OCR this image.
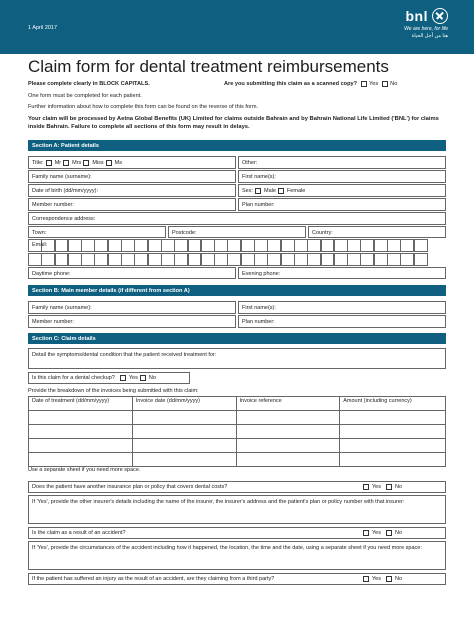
1 April 2017
bnl
We are here, for life
هنا من أجل الحياة
Claim form for dental treatment reimbursements
Please complete clearly in BLOCK CAPITALS.	Are you submitting this claim as a scanned copy? Yes No
One form must be completed for each patient.
Further information about how to complete this form can be found on the reverse of this form.
Your claim will be processed by Aetna Global Benefits (UK) Limited for claims outside Bahrain and by Bahrain National Life Limited ('BNL') for claims inside Bahrain. Failure to complete all sections of this form may result in delays.
Section A: Patient details
Title: Mr Mrs Miss Ms	Other:
Family name (surname):	First name(s):
Date of birth (dd/mm/yyyy):	Sex: Male Female
Member number:	Plan number:
Correspondence address:
Town:	Postcode:	Country:
Email:
Daytime phone:	Evening phone:
Section B: Main member details (if different from section A)
Family name (surname):	First name(s):
Member number:	Plan number:
Section C: Claim details
Detail the symptoms/dental condition that the patient received treatment for:
Is this claim for a dental checkup?	Yes No
Provide the breakdown of the invoices being submitted with this claim:
Date of treatment (dd/mm/yyyy)	Invoice date (dd/mm/yyyy)	Invoice reference	Amount (including currency)

Use a separate sheet if you need more space.
Does the patient have another insurance plan or policy that covers dental costs?	Yes	No
If 'Yes', provide the other insurer's details including the name of the insurer, the insurer's address and the patient's plan or policy number with that insurer:
Is the claim as a result of an accident?	Yes	No
If 'Yes', provide the circumstances of the accident including how it happened, the location, the time and the date, using a separate sheet if you need more space:
If the patient has suffered an injury as the result of an accident, are they claiming from a third party?	Yes	No
